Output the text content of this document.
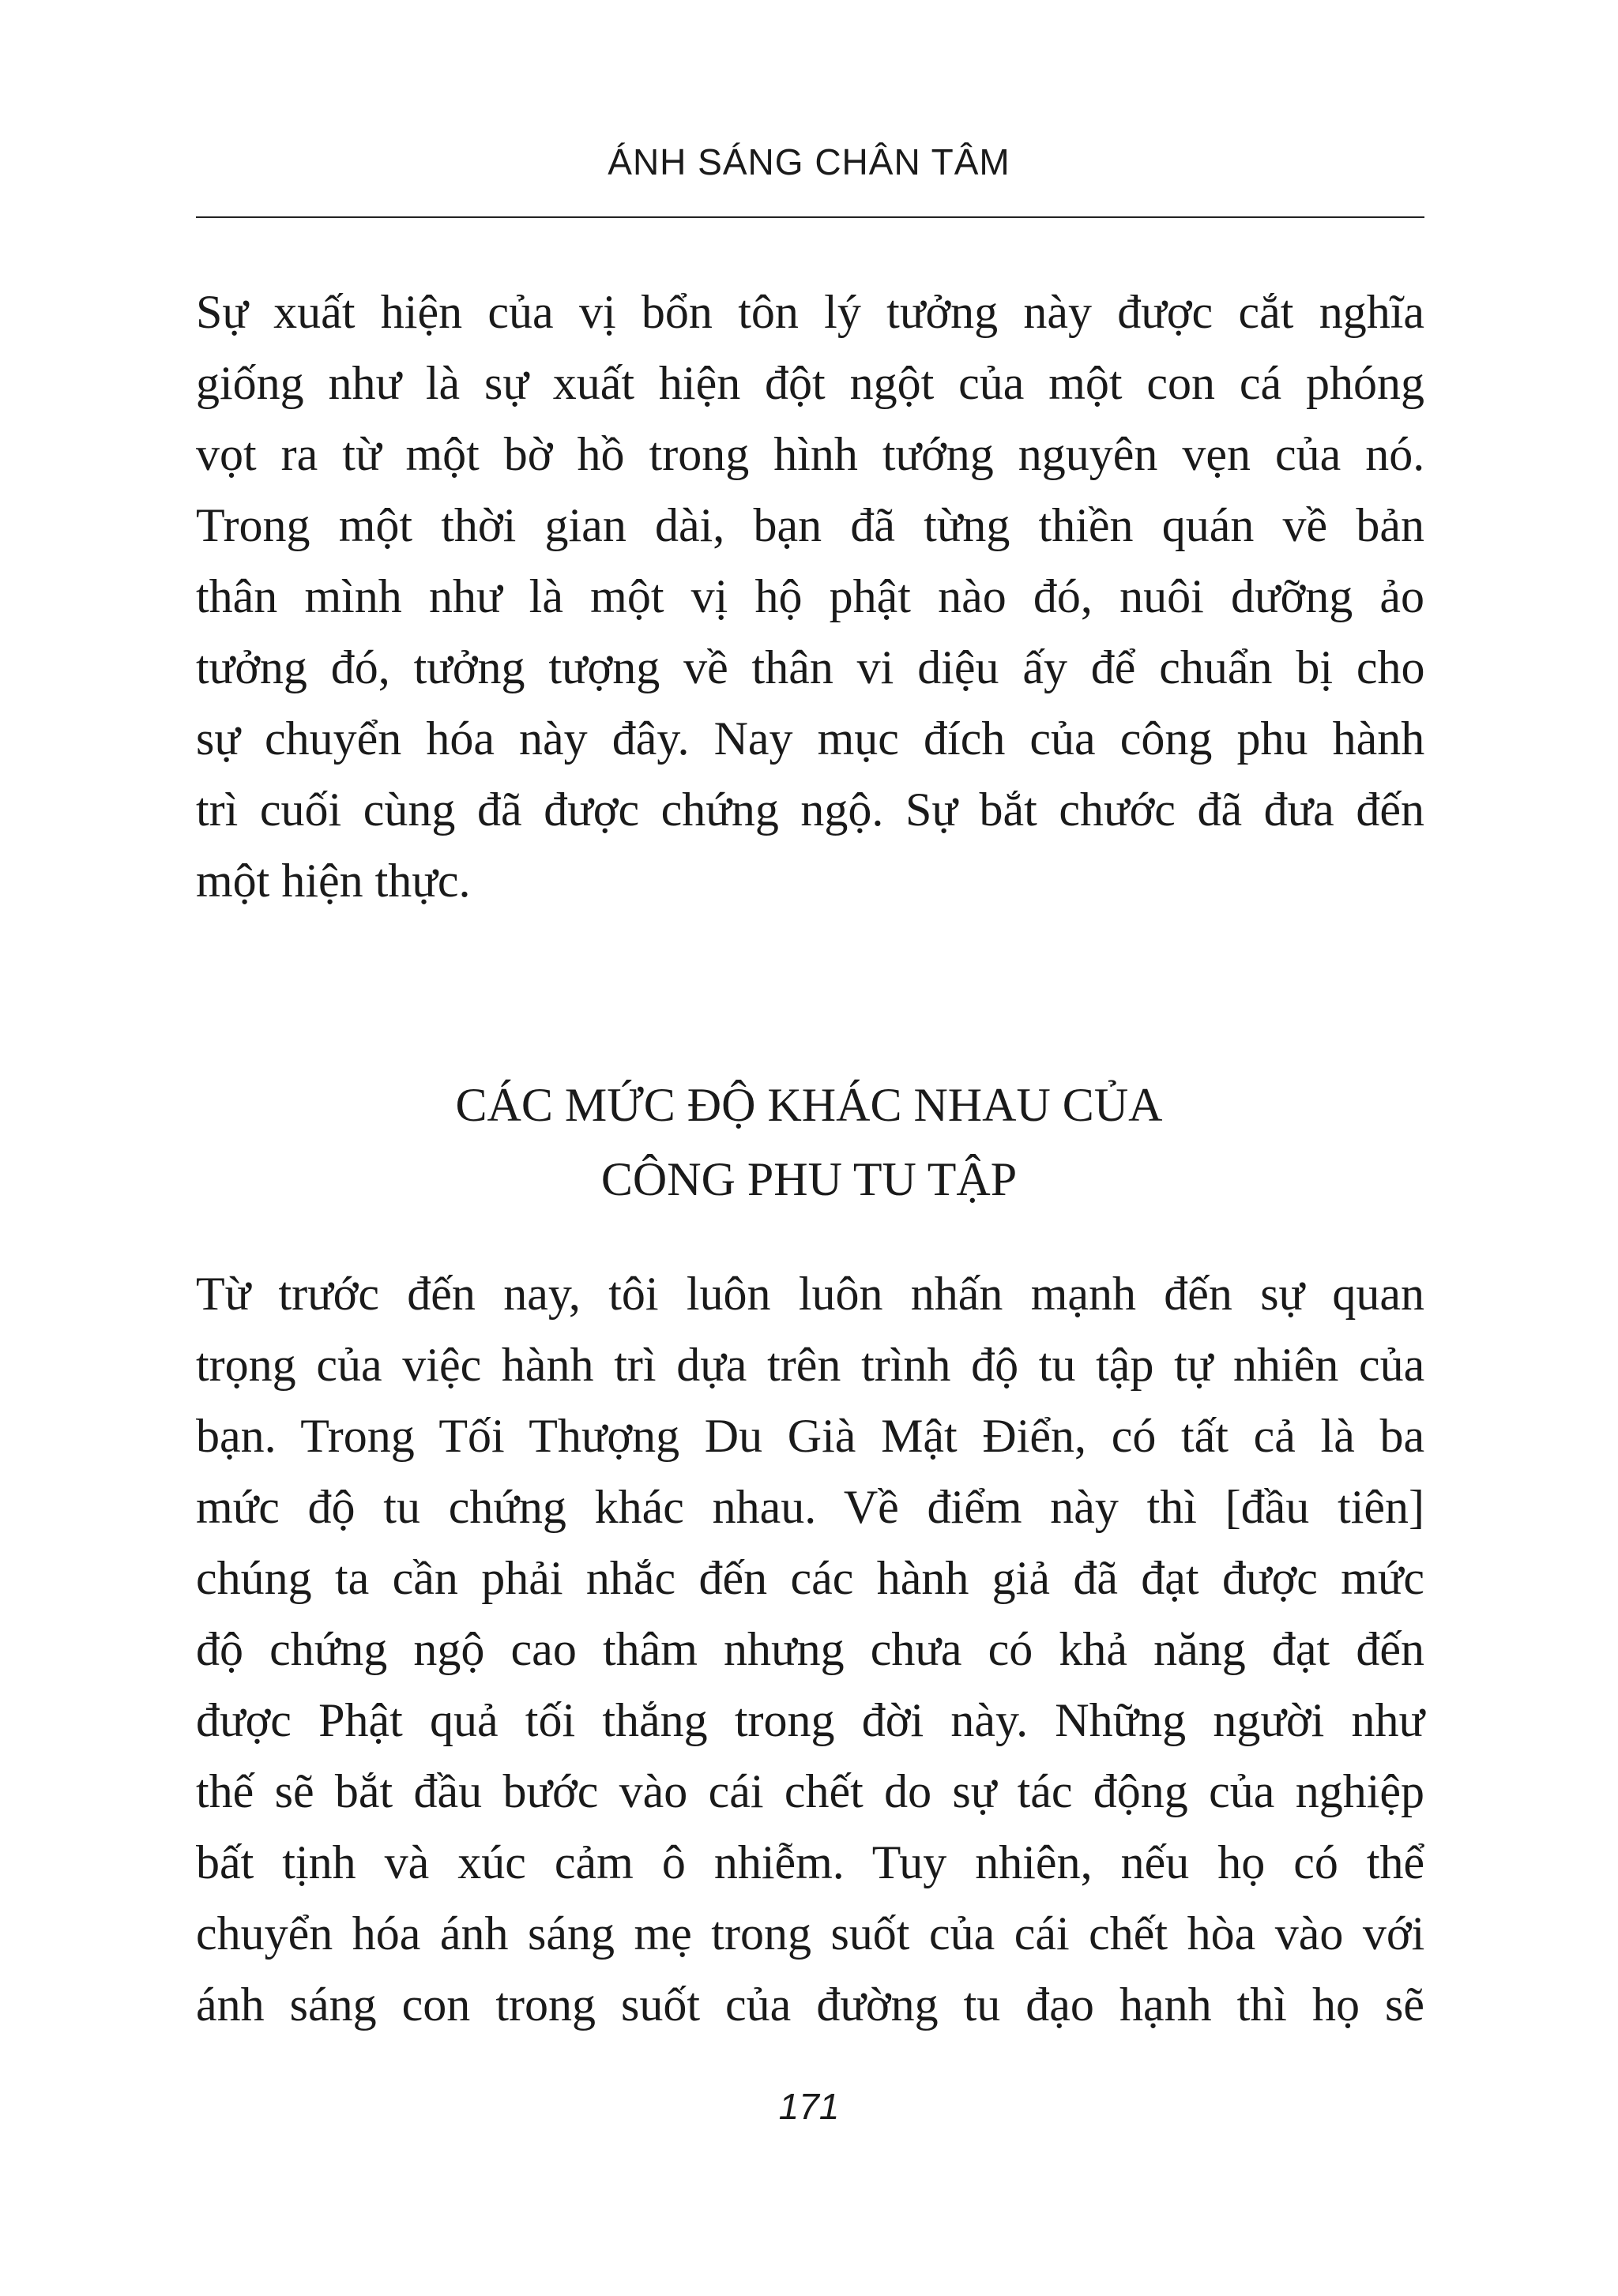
ÁNH SÁNG CHÂN TÂM
Sự xuất hiện của vị bổn tôn lý tưởng này được cắt nghĩa
giống như là sự xuất hiện đột ngột của một con cá phóng
vọt ra từ một bờ hồ trong hình tướng nguyên vẹn của nó.
Trong một thời gian dài, bạn đã từng thiền quán về bản
thân mình như là một vị hộ phật nào đó, nuôi dưỡng ảo
tưởng đó, tưởng tượng về thân vi diệu ấy để chuẩn bị cho
sự chuyển hóa này đây. Nay mục đích của công phu hành
trì cuối cùng đã được chứng ngộ. Sự bắt chước đã đưa đến
một hiện thực.
CÁC MỨC ĐỘ KHÁC NHAU CỦA
CÔNG PHU TU TẬP
Từ trước đến nay, tôi luôn luôn nhấn mạnh đến sự quan
trọng của việc hành trì dựa trên trình độ tu tập tự nhiên của
bạn. Trong Tối Thượng Du Già Mật Điển, có tất cả là ba
mức độ tu chứng khác nhau. Về điểm này thì [đầu tiên]
chúng ta cần phải nhắc đến các hành giả đã đạt được mức
độ chứng ngộ cao thâm nhưng chưa có khả năng đạt đến
được Phật quả tối thắng trong đời này. Những người như
thế sẽ bắt đầu bước vào cái chết do sự tác động của nghiệp
bất tịnh và xúc cảm ô nhiễm. Tuy nhiên, nếu họ có thể
chuyển hóa ánh sáng mẹ trong suốt của cái chết hòa vào với
ánh sáng con trong suốt của đường tu đạo hạnh thì họ sẽ
171
